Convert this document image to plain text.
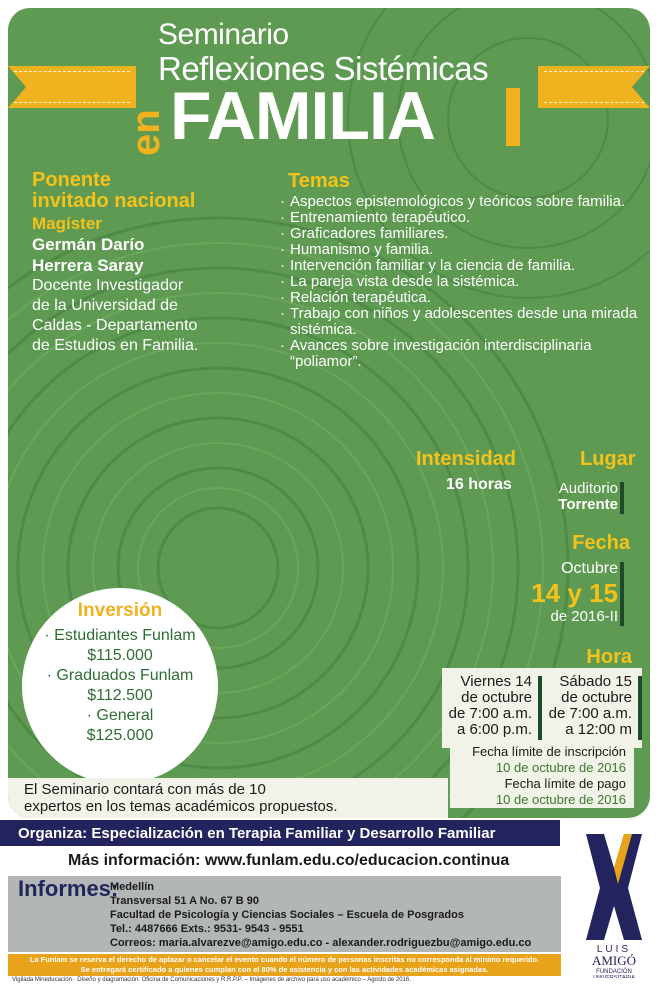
Seminario
Reflexiones Sistémicas
en FAMILIA
Ponente
invitado nacional
Magíster
Germán Darío
Herrera Saray
Docente Investigador
de la Universidad de
Caldas - Departamento
de Estudios en Familia.
Temas
· Aspectos epistemológicos y teóricos sobre familia.
· Entrenamiento terapéutico.
· Graficadores familiares.
· Humanismo y familia.
· Intervención familiar y la ciencia de familia.
· La pareja vista desde la sistémica.
· Relación terapéutica.
· Trabajo con niños y adolescentes desde una mirada sistémica.
· Avances sobre investigación interdisciplinaria “poliamor”.
Intensidad
16 horas
Lugar
Auditorio
Torrente
Fecha
Octubre
14 y 15
de 2016-II
Hora
Viernes 14
de octubre
de 7:00 a.m.
a 6:00 p.m.
Sábado 15
de octubre
de 7:00 a.m.
a 12:00 m
Fecha límite de inscripción
10 de octubre de 2016
Fecha límite de pago
10 de octubre de 2016
Inversión
· Estudiantes Funlam
$115.000
· Graduados Funlam
$112.500
· General
$125.000
El Seminario contará con más de 10
expertos en los temas académicos propuestos.
Organiza: Especialización en Terapia Familiar y Desarrollo Familiar
Más información: www.funlam.edu.co/educacion.continua
Informes:
Medellín
Transversal 51 A No. 67 B 90
Facultad de Psicología y Ciencias Sociales – Escuela de Posgrados
Tel.: 4487666 Exts.: 9531- 9543 - 9551
Correos: maria.alvarezve@amigo.edu.co - alexander.rodriguezbu@amigo.edu.co
La Funlam se reserva el derecho de aplazar o cancelar el evento cuando el número de personas inscritas no corresponda al mínimo requerido.
Se entregará certificado a quienes cumplan con el 80% de asistencia y con las actividades académicas asignadas.
Vigilada Mineducación · Diseño y diagramación: Oficina de Comunicaciones y R.R.P.P. – Imágenes de archivo para uso académico – Agosto de 2016.
LUIS
AMIGÓ
FUNDACIÓN
UNIVERSITARIA
